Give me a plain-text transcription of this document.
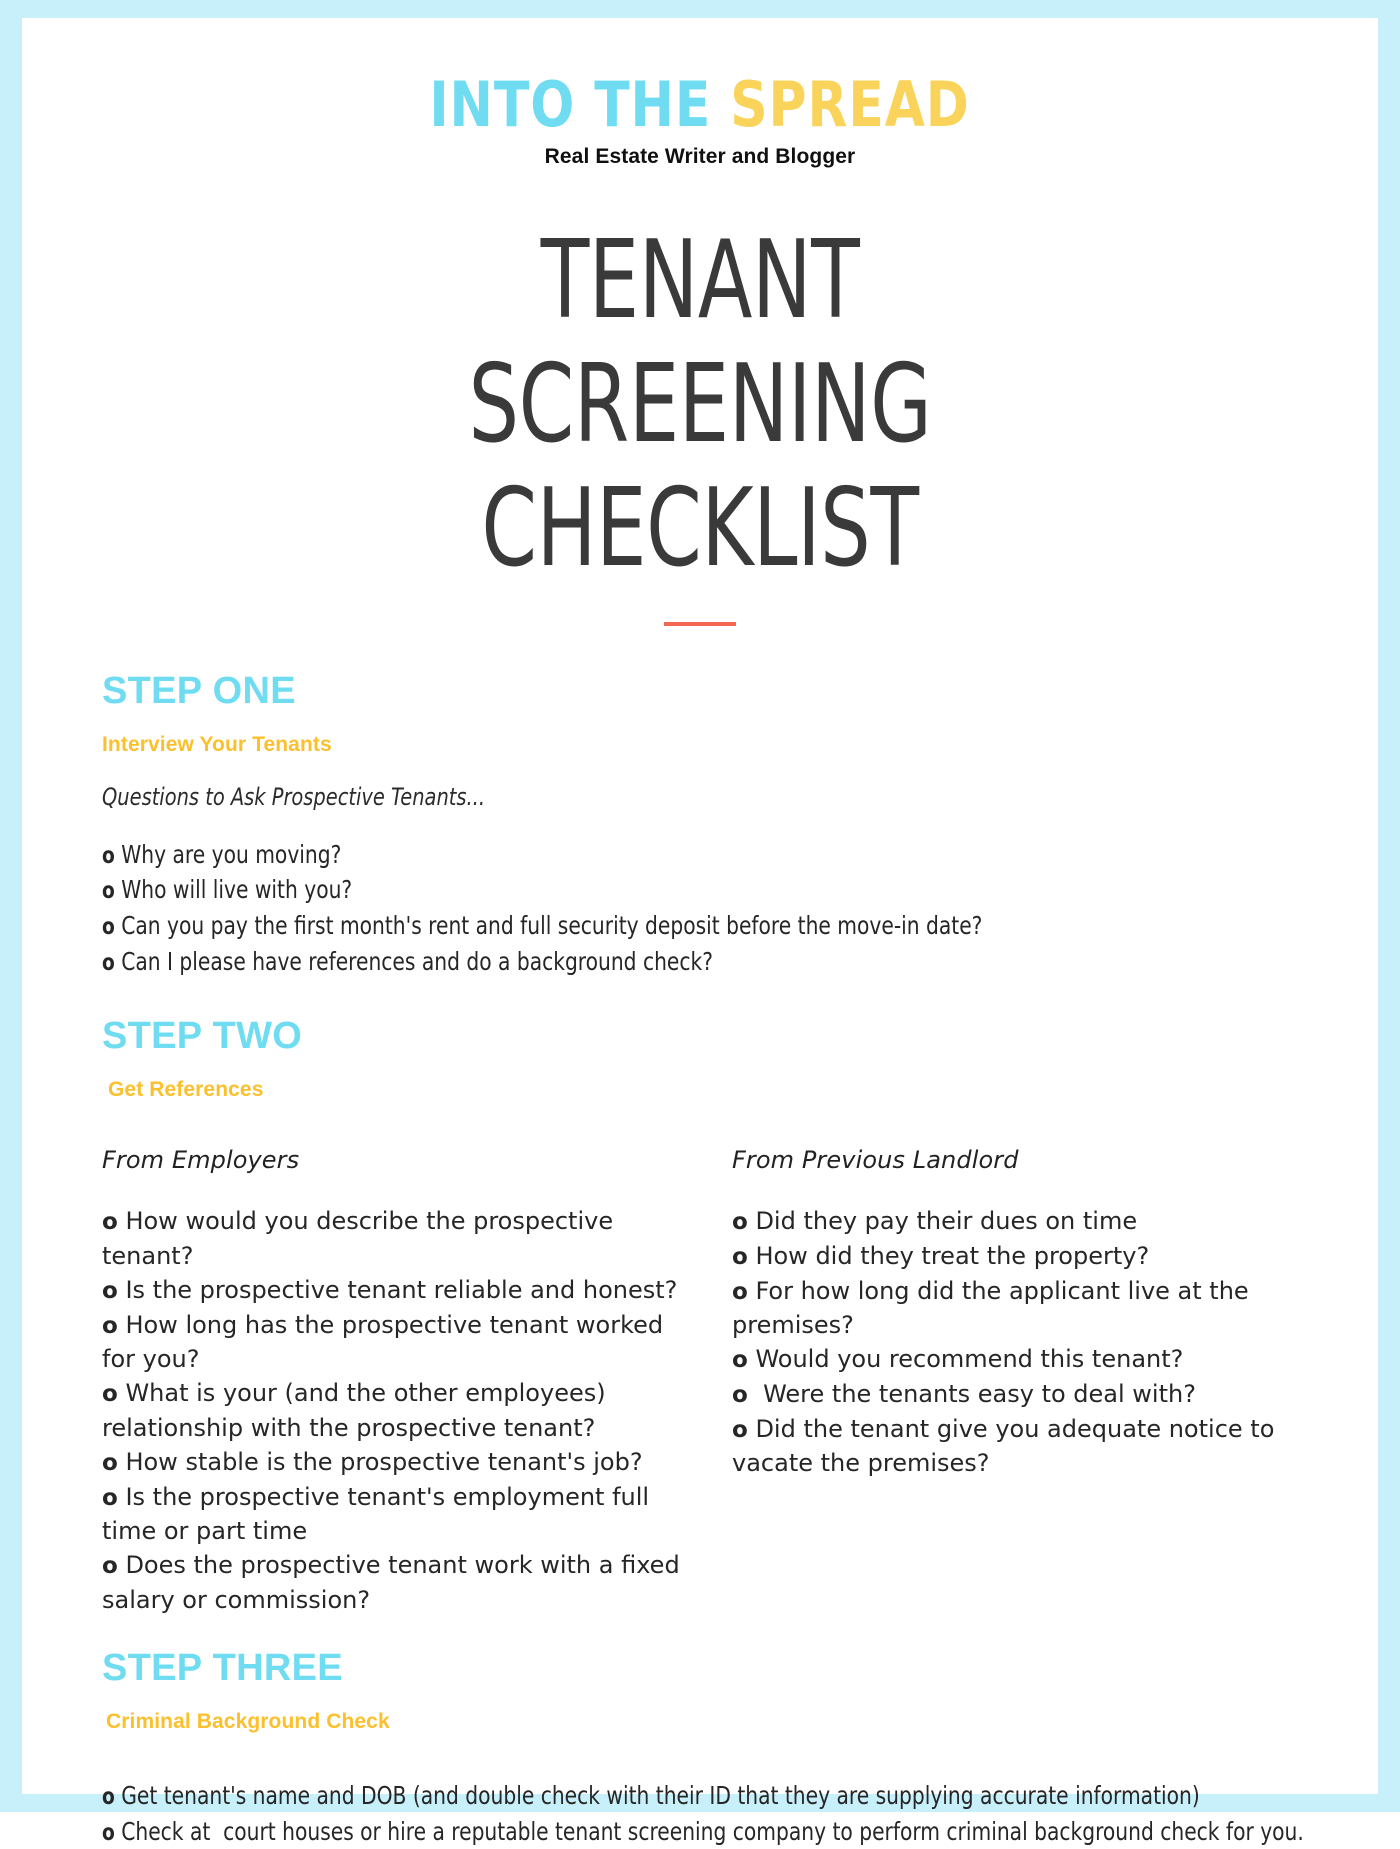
INTO THE SPREAD
Real Estate Writer and Blogger
TENANT SCREENING
CHECKLIST
STEP ONE
Interview Your Tenants
Questions to Ask Prospective Tenants...
o Why are you moving?
o Who will live with you?
o Can you pay the first month's rent and full security deposit before the move-in date?
o Can I please have references and do a background check?
STEP TWO
Get References
From Employers
o How would you describe the prospective tenant?
o Is the prospective tenant reliable and honest?
o How long has the prospective tenant worked for you?
o What is your (and the other employees) relationship with the prospective tenant?
o How stable is the prospective tenant's job?
o Is the prospective tenant's employment full time or part time
o Does the prospective tenant work with a fixed salary or commission?
From Previous Landlord
o Did they pay their dues on time
o How did they treat the property?
o For how long did the applicant live at the premises?
o Would you recommend this tenant?
o  Were the tenants easy to deal with?
o Did the tenant give you adequate notice to vacate the premises?
STEP THREE
Criminal Background Check
o Get tenant's name and DOB (and double check with their ID that they are supplying accurate information)
o Check at  court houses or hire a reputable tenant screening company to perform criminal background check for you.
